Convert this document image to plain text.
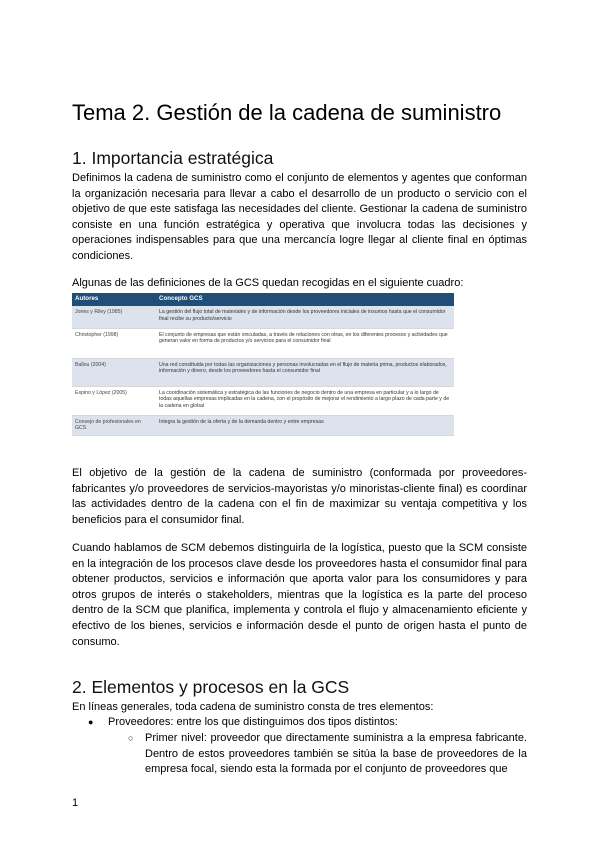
Tema 2. Gestión de la cadena de suministro
1. Importancia estratégica
Definimos la cadena de suministro como el conjunto de elementos y agentes que conforman la organización necesaria para llevar a cabo el desarrollo de un producto o servicio con el objetivo de que este satisfaga las necesidades del cliente. Gestionar la cadena de suministro consiste en una función estratégica y operativa que involucra todas las decisiones y operaciones indispensables para que una mercancía logre llegar al cliente final en óptimas condiciones.
Algunas de las definiciones de la GCS quedan recogidas en el siguiente cuadro:
Autores	Concepto GCS
Jones y Riley (1985)	La gestión del flujo total de materiales y de información desde los proveedores iniciales de insumos hasta que el consumidor final recibe su producto/servicio
Christopher (1998)	El conjunto de empresas que están vinculadas, a través de relaciones con otras, en los diferentes procesos y actividades que generan valor en forma de productos y/o servicios para el consumidor final
Ballou (2004)	Una red constituida por todas las organizaciones y personas involucradas en el flujo de materia prima, productos elaborados, información y dinero, desde los proveedores hasta el consumidor final
Espino y López (2005)	La coordinación sistemática y estratégica de las funciones de negocio dentro de una empresa en particular y a lo largo de todas aquellas empresas implicadas en la cadena, con el propósito de mejorar el rendimiento a largo plazo de cada parte y de la cadena en global
Consejo de profesionales en GCS	Integra la gestión de la oferta y de la demanda dentro y entre empresas
El objetivo de la gestión de la cadena de suministro (conformada por proveedores-fabricantes y/o proveedores de servicios-mayoristas y/o minoristas-cliente final) es coordinar las actividades dentro de la cadena con el fin de maximizar su ventaja competitiva y los beneficios para el consumidor final.
Cuando hablamos de SCM debemos distinguirla de la logística, puesto que la SCM consiste en la integración de los procesos clave desde los proveedores hasta el consumidor final para obtener productos, servicios e información que aporta valor para los consumidores y para otros grupos de interés o stakeholders, mientras que la logística es la parte del proceso dentro de la SCM que planifica, implementa y controla el flujo y almacenamiento eficiente y efectivo de los bienes, servicios e información desde el punto de origen hasta el punto de consumo.
2. Elementos y procesos en la GCS
En líneas generales, toda cadena de suministro consta de tres elementos:
● Proveedores: entre los que distinguimos dos tipos distintos:
○ Primer nivel: proveedor que directamente suministra a la empresa fabricante. Dentro de estos proveedores también se sitúa la base de proveedores de la empresa focal, siendo esta la formada por el conjunto de proveedores que
1
